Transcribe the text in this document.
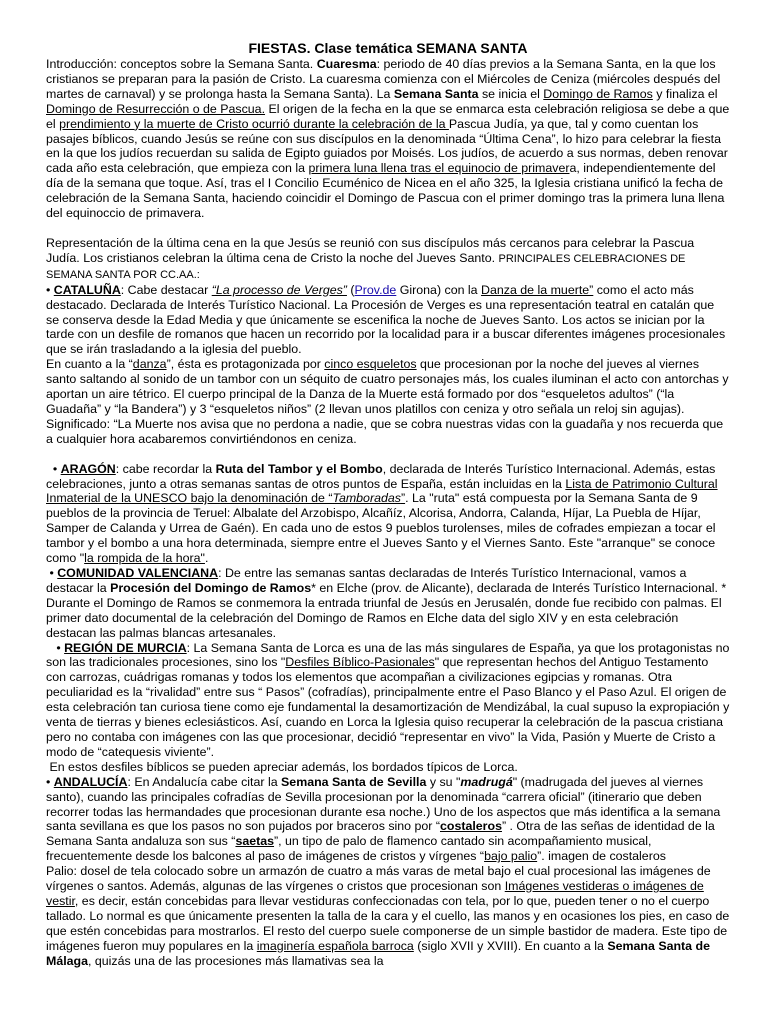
FIESTAS. Clase temática SEMANA SANTA

Introducción: conceptos sobre la Semana Santa. Cuaresma: periodo de 40 días previos a la Semana Santa, en la que los cristianos se preparan para la pasión de Cristo. La cuaresma comienza con el Miércoles de Ceniza (miércoles después del martes de carnaval) y se prolonga hasta la Semana Santa). La Semana Santa se inicia el Domingo de Ramos y finaliza el Domingo de Resurrección o de Pascua. El origen de la fecha en la que se enmarca esta celebración religiosa se debe a que el prendimiento y la muerte de Cristo ocurrió durante la celebración de la Pascua Judía, ya que, tal y como cuentan los pasajes bíblicos, cuando Jesús se reúne con sus discípulos en la denominada “Última Cena”, lo hizo para celebrar la fiesta en la que los judíos recuerdan su salida de Egipto guiados por Moisés. Los judíos, de acuerdo a sus normas, deben renovar cada año esta celebración, que empieza con la primera luna llena tras el equinocio de primavera, independientemente del día de la semana que toque. Así, tras el I Concilio Ecuménico de Nicea en el año 325, la Iglesia cristiana unificó la fecha de celebración de la Semana Santa, haciendo coincidir el Domingo de Pascua con el primer domingo tras la primera luna llena del equinoccio de primavera.

Representación de la última cena en la que Jesús se reunió con sus discípulos más cercanos para celebrar la Pascua Judía. Los cristianos celebran la última cena de Cristo la noche del Jueves Santo. PRINCIPALES CELEBRACIONES DE SEMANA SANTA POR CC.AA.:

• CATALUÑA: Cabe destacar “La processo de Verges” (Prov.de Girona) con la Danza de la muerte” como el acto más destacado. Declarada de Interés Turístico Nacional. La Procesión de Verges es una representación teatral en catalán que se conserva desde la Edad Media y que únicamente se escenifica la noche de Jueves Santo. Los actos se inician por la tarde con un desfile de romanos que hacen un recorrido por la localidad para ir a buscar diferentes imágenes procesionales que se irán trasladando a la iglesia del pueblo.

En cuanto a la “danza”, ésta es protagonizada por cinco esqueletos que procesionan por la noche del jueves al viernes santo saltando al sonido de un tambor con un séquito de cuatro personajes más, los cuales iluminan el acto con antorchas y aportan un aire tétrico. El cuerpo principal de la Danza de la Muerte está formado por dos “esqueletos adultos” (“la Guadaña” y “la Bandera”) y 3 “esqueletos niños” (2 llevan unos platillos con ceniza y otro señala un reloj sin agujas). Significado: “La Muerte nos avisa que no perdona a nadie, que se cobra nuestras vidas con la guadaña y nos recuerda que a cualquier hora acabaremos convirtiéndonos en ceniza.

• ARAGÓN: cabe recordar la Ruta del Tambor y el Bombo, declarada de Interés Turístico Internacional. Además, estas celebraciones, junto a otras semanas santas de otros puntos de España, están incluidas en la Lista de Patrimonio Cultural Inmaterial de la UNESCO bajo la denominación de “Tamboradas”. La "ruta" está compuesta por la Semana Santa de 9 pueblos de la provincia de Teruel: Albalate del Arzobispo, Alcañíz, Alcorisa, Andorra, Calanda, Híjar, La Puebla de Híjar, Samper de Calanda y Urrea de Gaén). En cada uno de estos 9 pueblos turolenses, miles de cofrades empiezan a tocar el tambor y el bombo a una hora determinada, siempre entre el Jueves Santo y el Viernes Santo. Este "arranque" se conoce como "la rompida de la hora".

• COMUNIDAD VALENCIANA: De entre las semanas santas declaradas de Interés Turístico Internacional, vamos a destacar la Procesión del Domingo de Ramos* en Elche (prov. de Alicante), declarada de Interés Turístico Internacional. * Durante el Domingo de Ramos se conmemora la entrada triunfal de Jesús en Jerusalén, donde fue recibido con palmas. El primer dato documental de la celebración del Domingo de Ramos en Elche data del siglo XIV y en esta celebración destacan las palmas blancas artesanales.

• REGIÓN DE MURCIA: La Semana Santa de Lorca es una de las más singulares de España, ya que los protagonistas no son las tradicionales procesiones, sino los "Desfiles Bíblico-Pasionales" que representan hechos del Antiguo Testamento con carrozas, cuádrigas romanas y todos los elementos que acompañan a civilizaciones egipcias y romanas. Otra peculiaridad es la “rivalidad” entre sus “ Pasos” (cofradías), principalmente entre el Paso Blanco y el Paso Azul. El origen de esta celebración tan curiosa tiene como eje fundamental la desamortización de Mendizábal, la cual supuso la expropiación y venta de tierras y bienes eclesiásticos. Así, cuando en Lorca la Iglesia quiso recuperar la celebración de la pascua cristiana pero no contaba con imágenes con las que procesionar, decidió “representar en vivo” la Vida, Pasión y Muerte de Cristo a modo de “catequesis viviente”.

En estos desfiles bíblicos se pueden apreciar además, los bordados típicos de Lorca.

• ANDALUCÍA: En Andalucía cabe citar la Semana Santa de Sevilla y su "madrugá" (madrugada del jueves al viernes santo), cuando las principales cofradías de Sevilla procesionan por la denominada “carrera oficial” (itinerario que deben recorrer todas las hermandades que procesionan durante esa noche.) Uno de los aspectos que más identifica a la semana santa sevillana es que los pasos no son pujados por braceros sino por “costaleros” . Otra de las señas de identidad de la Semana Santa andaluza son sus “saetas”, un tipo de palo de flamenco cantado sin acompañamiento musical, frecuentemente desde los balcones al paso de imágenes de cristos y vírgenes “bajo palio”. imagen de costaleros

Palio: dosel de tela colocado sobre un armazón de cuatro a más varas de metal bajo el cual procesional las imágenes de vírgenes o santos. Además, algunas de las vírgenes o cristos que procesionan son Imágenes vestideras o imágenes de vestir, es decir, están concebidas para llevar vestiduras confeccionadas con tela, por lo que, pueden tener o no el cuerpo tallado. Lo normal es que únicamente presenten la talla de la cara y el cuello, las manos y en ocasiones los pies, en caso de que estén concebidas para mostrarlos. El resto del cuerpo suele componerse de un simple bastidor de madera. Este tipo de imágenes fueron muy populares en la imaginería española barroca (siglo XVII y XVIII). En cuanto a la Semana Santa de Málaga, quizás una de las procesiones más llamativas sea la
